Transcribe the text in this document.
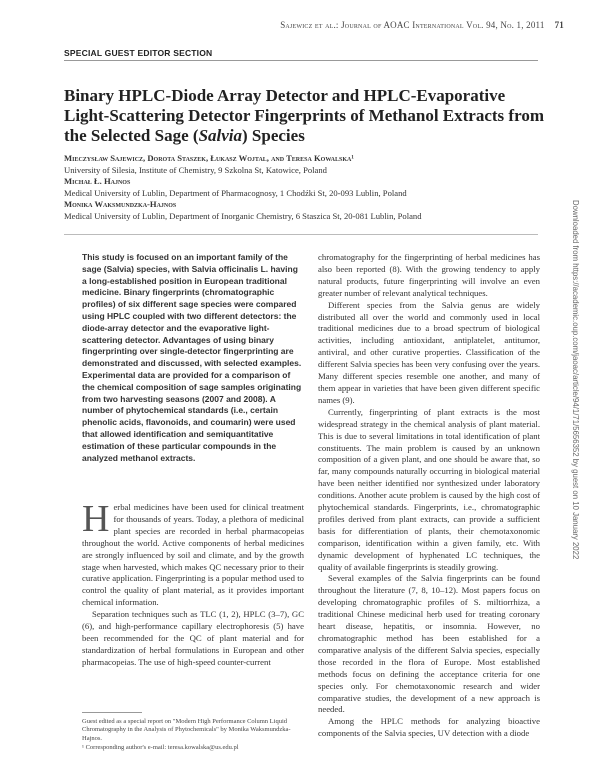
Sajewicz et al.: Journal of AOAC International Vol. 94, No. 1, 2011 71
SPECIAL GUEST EDITOR SECTION
Binary HPLC-Diode Array Detector and HPLC-Evaporative Light-Scattering Detector Fingerprints of Methanol Extracts from the Selected Sage (Salvia) Species
Mieczysław Sajewicz, Dorota Staszek, Łukasz Wojtal, and Teresa Kowalska¹
University of Silesia, Institute of Chemistry, 9 Szkolna St, Katowice, Poland
Michał Ł. Hajnos
Medical University of Lublin, Department of Pharmacognosy, 1 Chodźki St, 20-093 Lublin, Poland
Monika Waksmundzka-Hajnos
Medical University of Lublin, Department of Inorganic Chemistry, 6 Staszica St, 20-081 Lublin, Poland
This study is focused on an important family of the sage (Salvia) species, with Salvia officinalis L. having a long-established position in European traditional medicine. Binary fingerprints (chromatographic profiles) of six different sage species were compared using HPLC coupled with two different detectors: the diode-array detector and the evaporative light- scattering detector. Advantages of using binary fingerprinting over single-detector fingerprinting are demonstrated and discussed, with selected examples. Experimental data are provided for a comparison of the chemical composition of sage samples originating from two harvesting seasons (2007 and 2008). A number of phytochemical standards (i.e., certain phenolic acids, flavonoids, and coumarin) were used that allowed identification and semiquantitative estimation of these particular compounds in the analyzed methanol extracts.

Herbal medicines have been used for clinical treatment for thousands of years. Today, a plethora of medicinal plant species are recorded in herbal pharmacopeias throughout the world. Active components of herbal medicines are strongly influenced by soil and climate, and by the growth stage when harvested, which makes QC necessary prior to their curative application. Fingerprinting is a popular method used to control the quality of plant material, as it provides important chemical information.

Separation techniques such as TLC (1, 2), HPLC (3–7), GC (6), and high-performance capillary electrophoresis (5) have been recommended for the QC of plant material and for standardization of herbal formulations in European and other pharmacopeias. The use of high-speed counter-current

chromatography for the fingerprinting of herbal medicines has also been reported (8). With the growing tendency to apply natural products, future fingerprinting will involve an even greater number of relevant analytical techniques.

Different species from the Salvia genus are widely distributed all over the world and commonly used in local traditional medicines due to a broad spectrum of biological activities, including antioxidant, antiplatelet, antitumor, antiviral, and other curative properties. Classification of the different Salvia species has been very confusing over the years. Many different species resemble one another, and many of them appear in varieties that have been given different specific names (9).

Currently, fingerprinting of plant extracts is the most widespread strategy in the chemical analysis of plant material. This is due to several limitations in total identification of plant constituents. The main problem is caused by an unknown composition of a given plant, and one should be aware that, so far, many compounds naturally occurring in biological material have been neither identified nor synthesized under laboratory conditions. Another acute problem is caused by the high cost of phytochemical standards. Fingerprints, i.e., chromatographic profiles derived from plant extracts, can provide a sufficient basis for differentiation of plants, their chemotaxonomic comparison, identification within a given family, etc. With dynamic development of hyphenated LC techniques, the quality of available fingerprints is steadily growing.

Several examples of the Salvia fingerprints can be found throughout the literature (7, 8, 10–12). Most papers focus on developing chromatographic profiles of S. miltiorrhiza, a traditional Chinese medicinal herb used for treating coronary heart disease, hepatitis, or insomnia. However, no chromatographic method has been established for a comparative analysis of the different Salvia species, especially those recorded in the flora of Europe. Most established methods focus on defining the acceptance criteria for one species only. For chemotaxonomic research and wider comparative studies, the development of a new approach is needed.

Among the HPLC methods for analyzing bioactive components of the Salvia species, UV detection with a diode

Guest edited as a special report on "Modern High Performance Column Liquid Chromatography in the Analysis of Phytochemicals" by Monika Waksmundzka-Hajnos.
¹ Corresponding author's e-mail: teresa.kowalska@us.edu.pl
Downloaded from https://academic.oup.com/jaoac/article/94/1/71/5656352 by guest on 10 January 2022
